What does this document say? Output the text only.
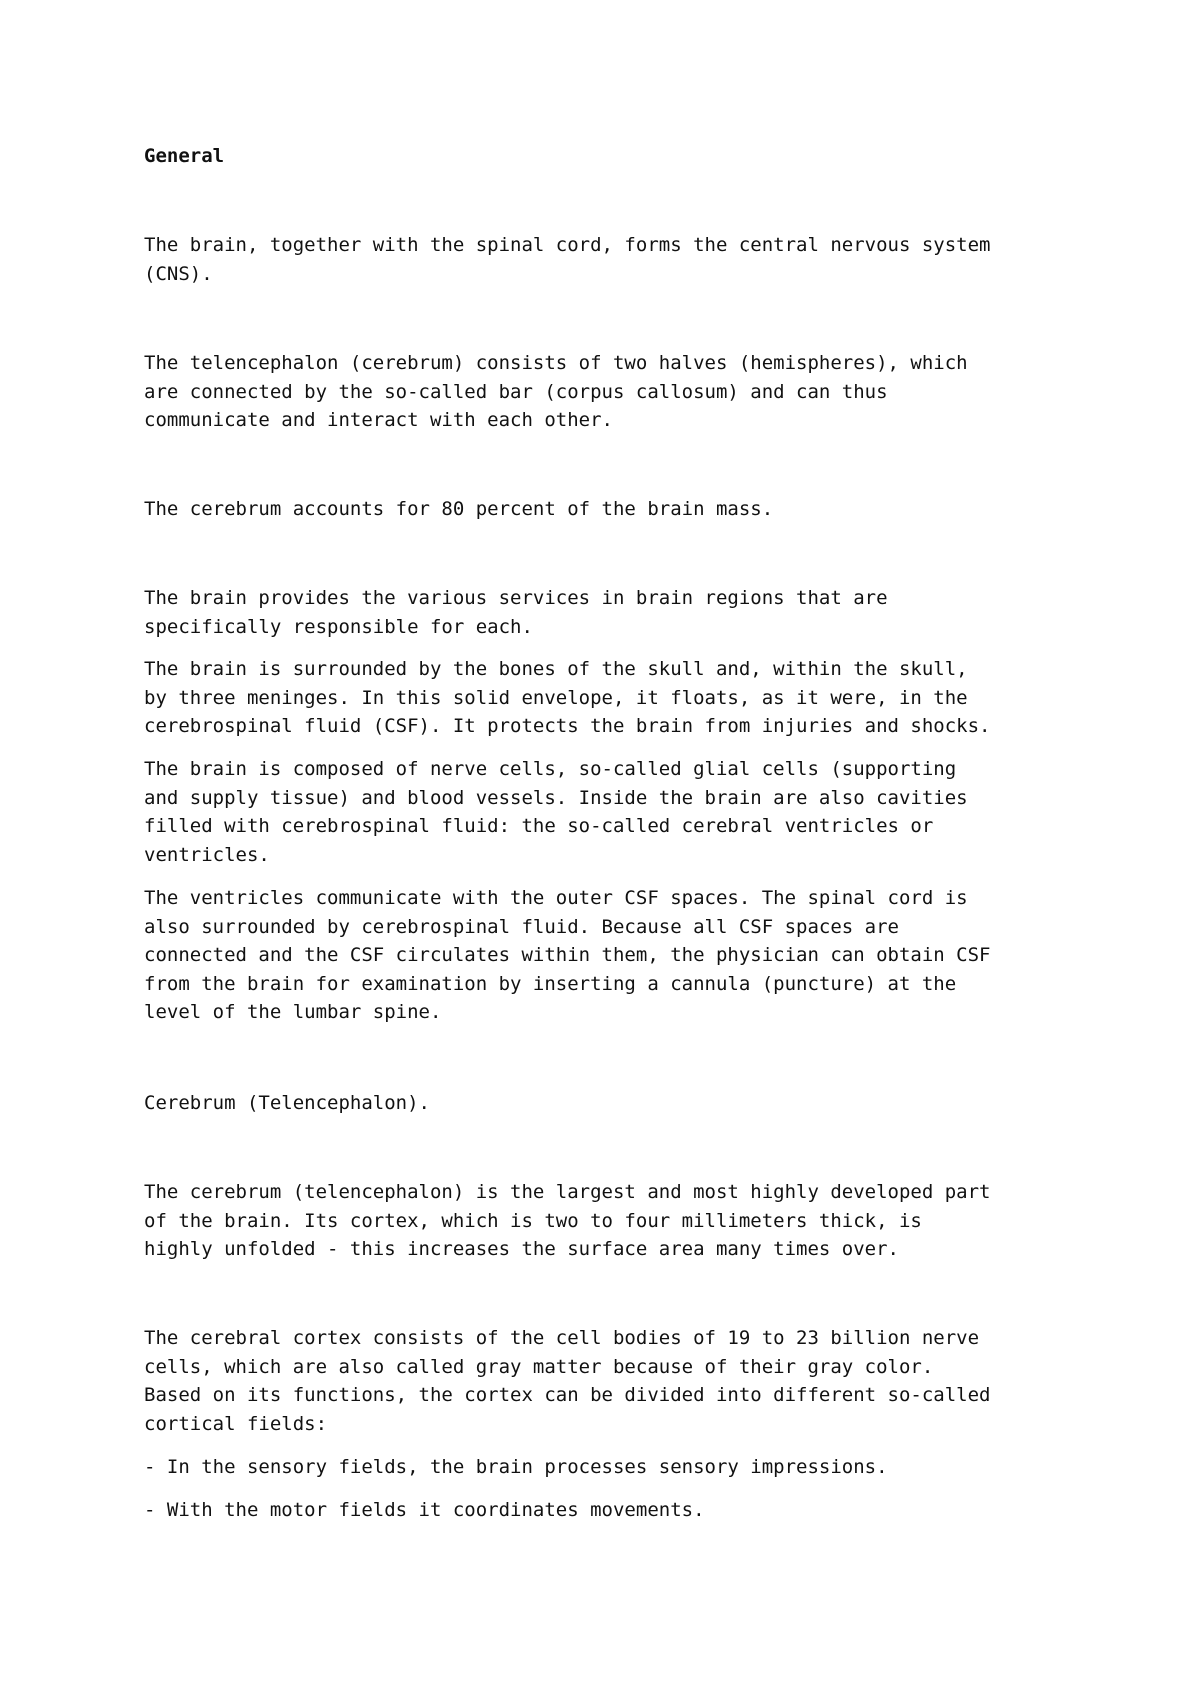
General

The brain, together with the spinal cord, forms the central nervous system
(CNS).

The telencephalon (cerebrum) consists of two halves (hemispheres), which
are connected by the so-called bar (corpus callosum) and can thus
communicate and interact with each other.

The cerebrum accounts for 80 percent of the brain mass.

The brain provides the various services in brain regions that are
specifically responsible for each.

The brain is surrounded by the bones of the skull and, within the skull,
by three meninges. In this solid envelope, it floats, as it were, in the
cerebrospinal fluid (CSF). It protects the brain from injuries and shocks.

The brain is composed of nerve cells, so-called glial cells (supporting
and supply tissue) and blood vessels. Inside the brain are also cavities
filled with cerebrospinal fluid: the so-called cerebral ventricles or
ventricles.

The ventricles communicate with the outer CSF spaces. The spinal cord is
also surrounded by cerebrospinal fluid. Because all CSF spaces are
connected and the CSF circulates within them, the physician can obtain CSF
from the brain for examination by inserting a cannula (puncture) at the
level of the lumbar spine.

Cerebrum (Telencephalon).

The cerebrum (telencephalon) is the largest and most highly developed part
of the brain. Its cortex, which is two to four millimeters thick, is
highly unfolded - this increases the surface area many times over.

The cerebral cortex consists of the cell bodies of 19 to 23 billion nerve
cells, which are also called gray matter because of their gray color.
Based on its functions, the cortex can be divided into different so-called
cortical fields:

- In the sensory fields, the brain processes sensory impressions.

- With the motor fields it coordinates movements.
